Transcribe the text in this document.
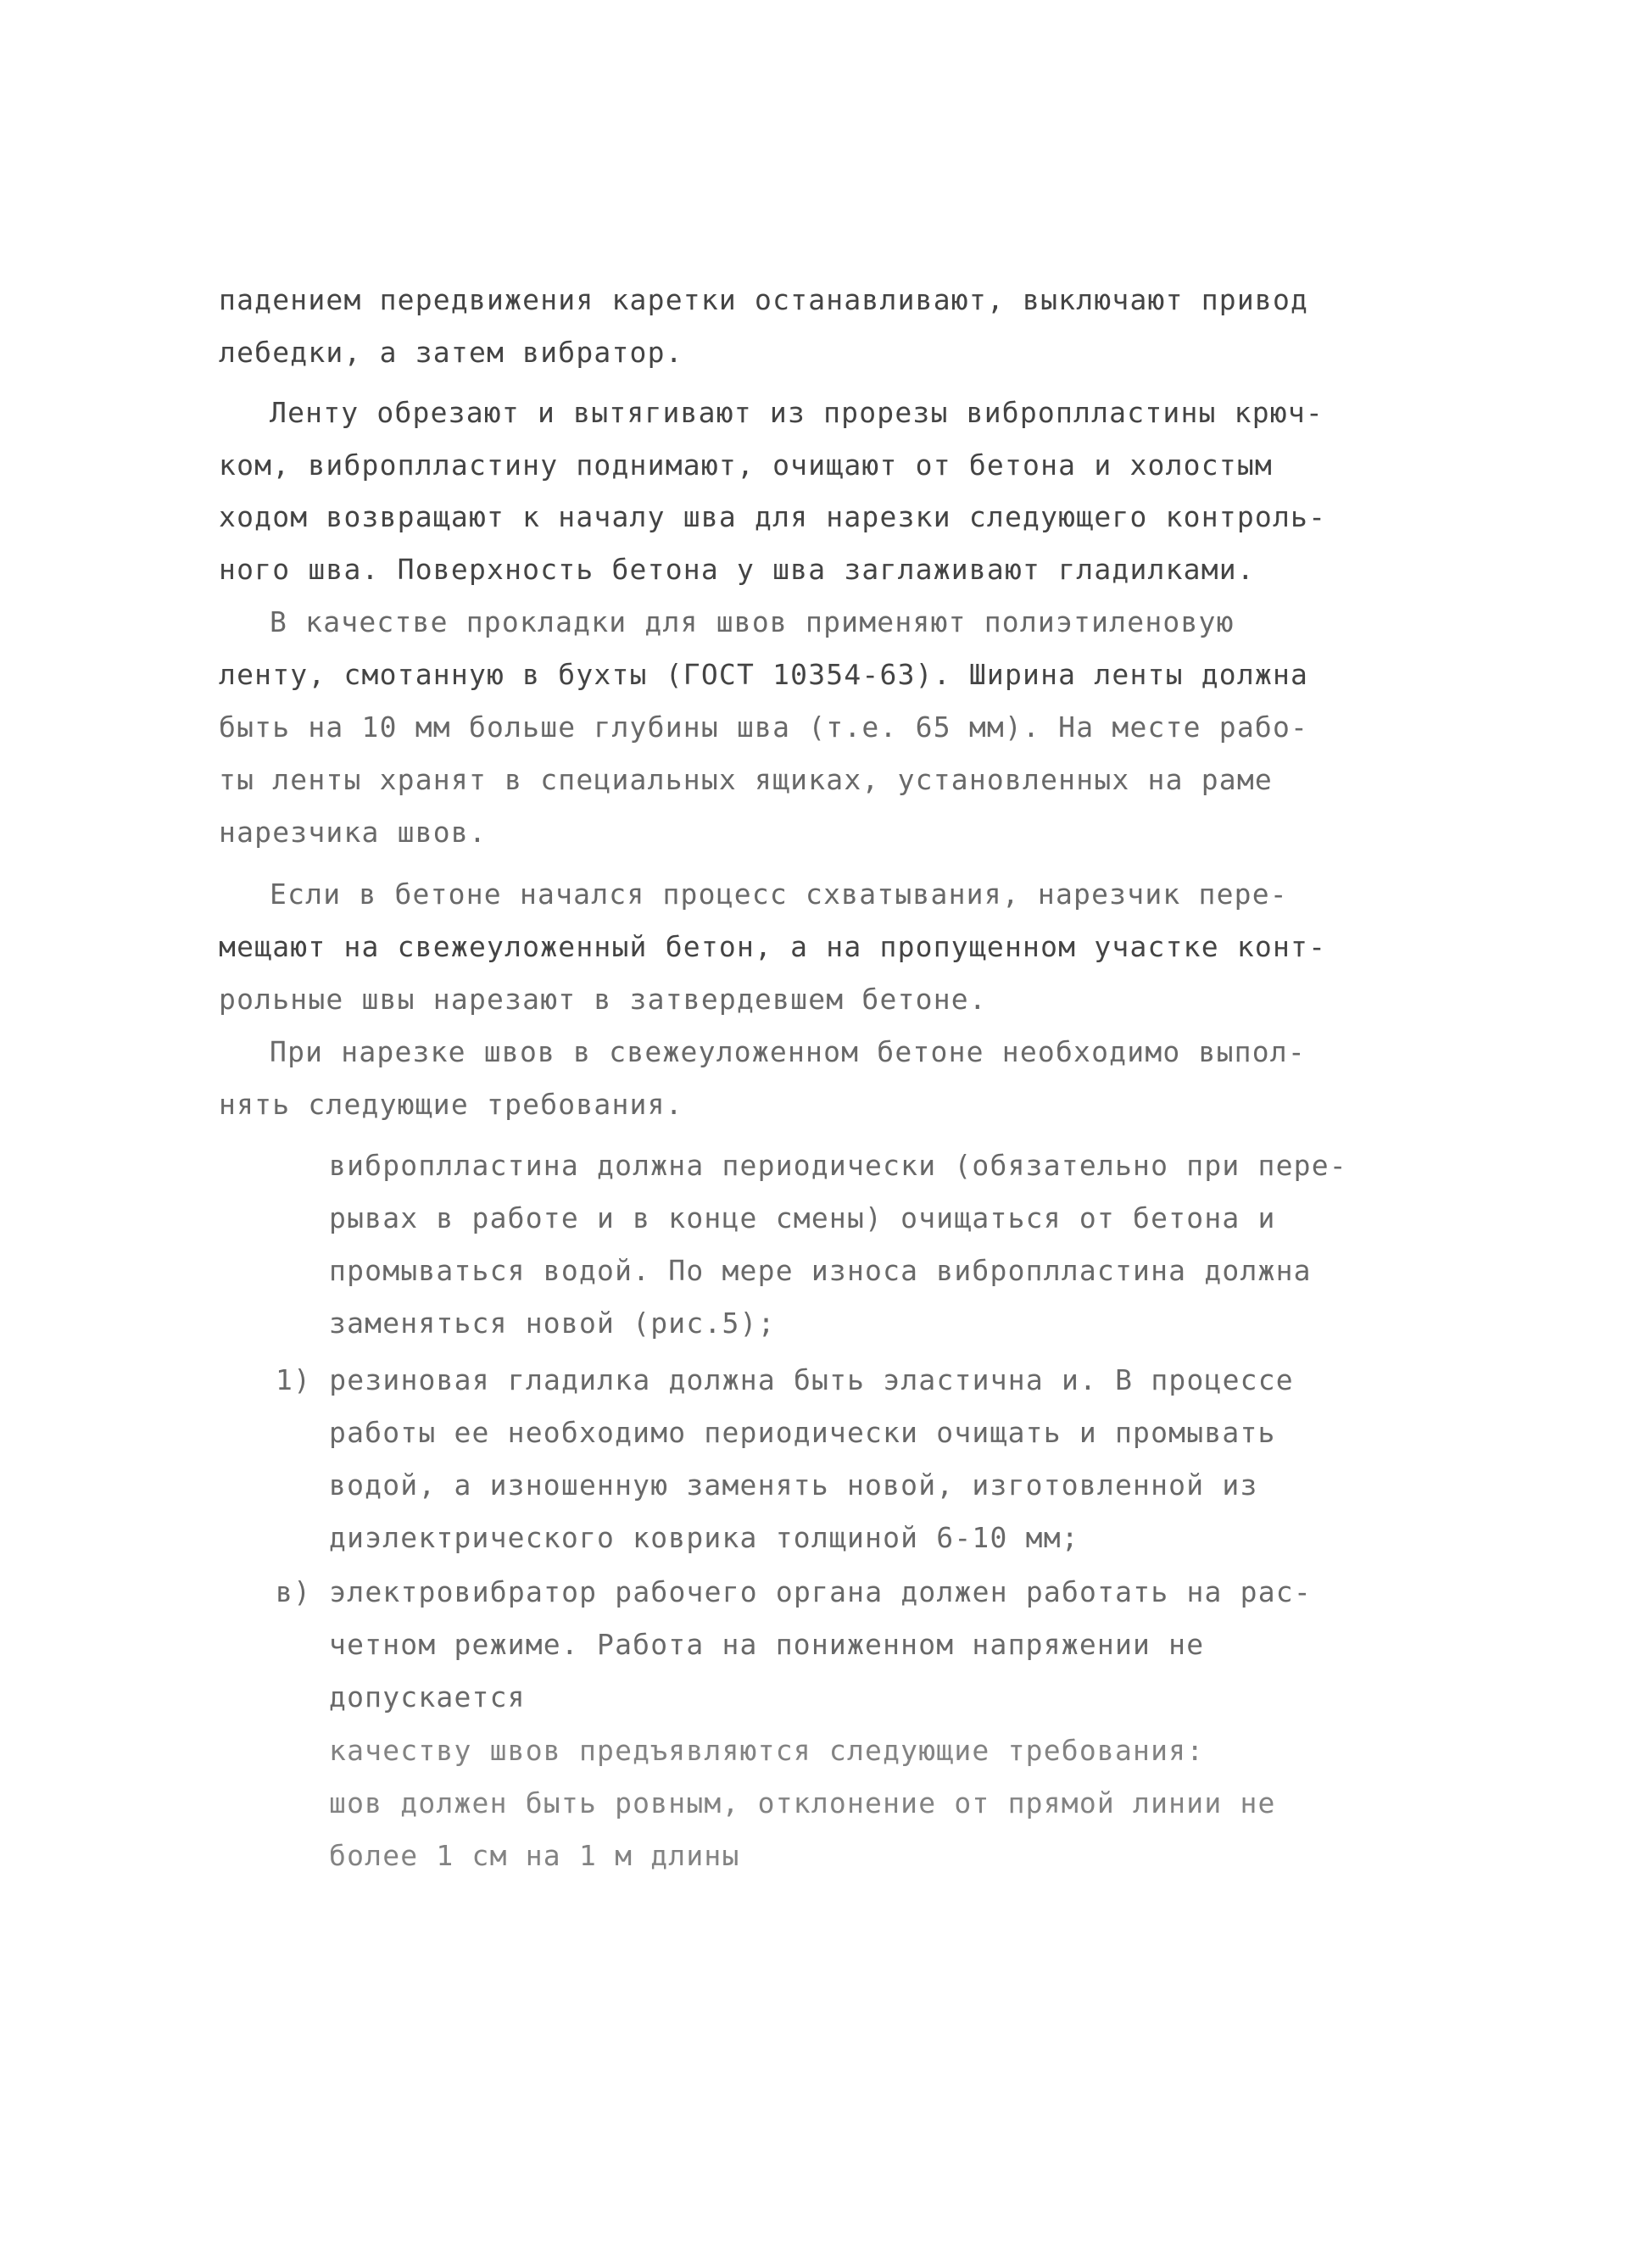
падением передвижения каретки останавливают, выключают привод
лебедки, а затем вибратор.
Ленту обрезают и вытягивают из прорезы виброплластины крюч-
ком, виброплластину поднимают, очищают от бетона и холостым
ходом возвращают к началу шва для нарезки следующего контроль-
ного шва. Поверхность бетона у шва заглаживают гладилками.
В качестве прокладки для швов применяют полиэтиленовую
ленту, смотанную в бухты (ГОСТ 10354-63). Ширина ленты должна
быть на 10 мм больше глубины шва (т.е. 65 мм). На месте рабо-
ты ленты хранят в специальных ящиках, установленных на раме
нарезчика швов.
Если в бетоне начался процесс схватывания, нарезчик пере-
мещают на свежеуложенный бетон, а на пропущенном участке конт-
рольные швы нарезают в затвердевшем бетоне.
При нарезке швов в свежеуложенном бетоне необходимо выпол-
нять следующие требования.
виброплластина должна периодически (обязательно при пере-
рывах в работе и в конце смены) очищаться от бетона и
промываться водой. По мере износа виброплластина должна
заменяться новой (рис.5);
1) резиновая гладилка должна быть эластична и. В процессе
работы ее необходимо периодически очищать и промывать
водой, а изношенную заменять новой, изготовленной из
диэлектрического коврика толщиной 6-10 мм;
в) электровибратор рабочего органа должен работать на рас-
четном режиме. Работа на пониженном напряжении не
допускается
качеству швов предъявляются следующие требования:
шов должен быть ровным, отклонение от прямой линии не
более 1 см на 1 м длины
